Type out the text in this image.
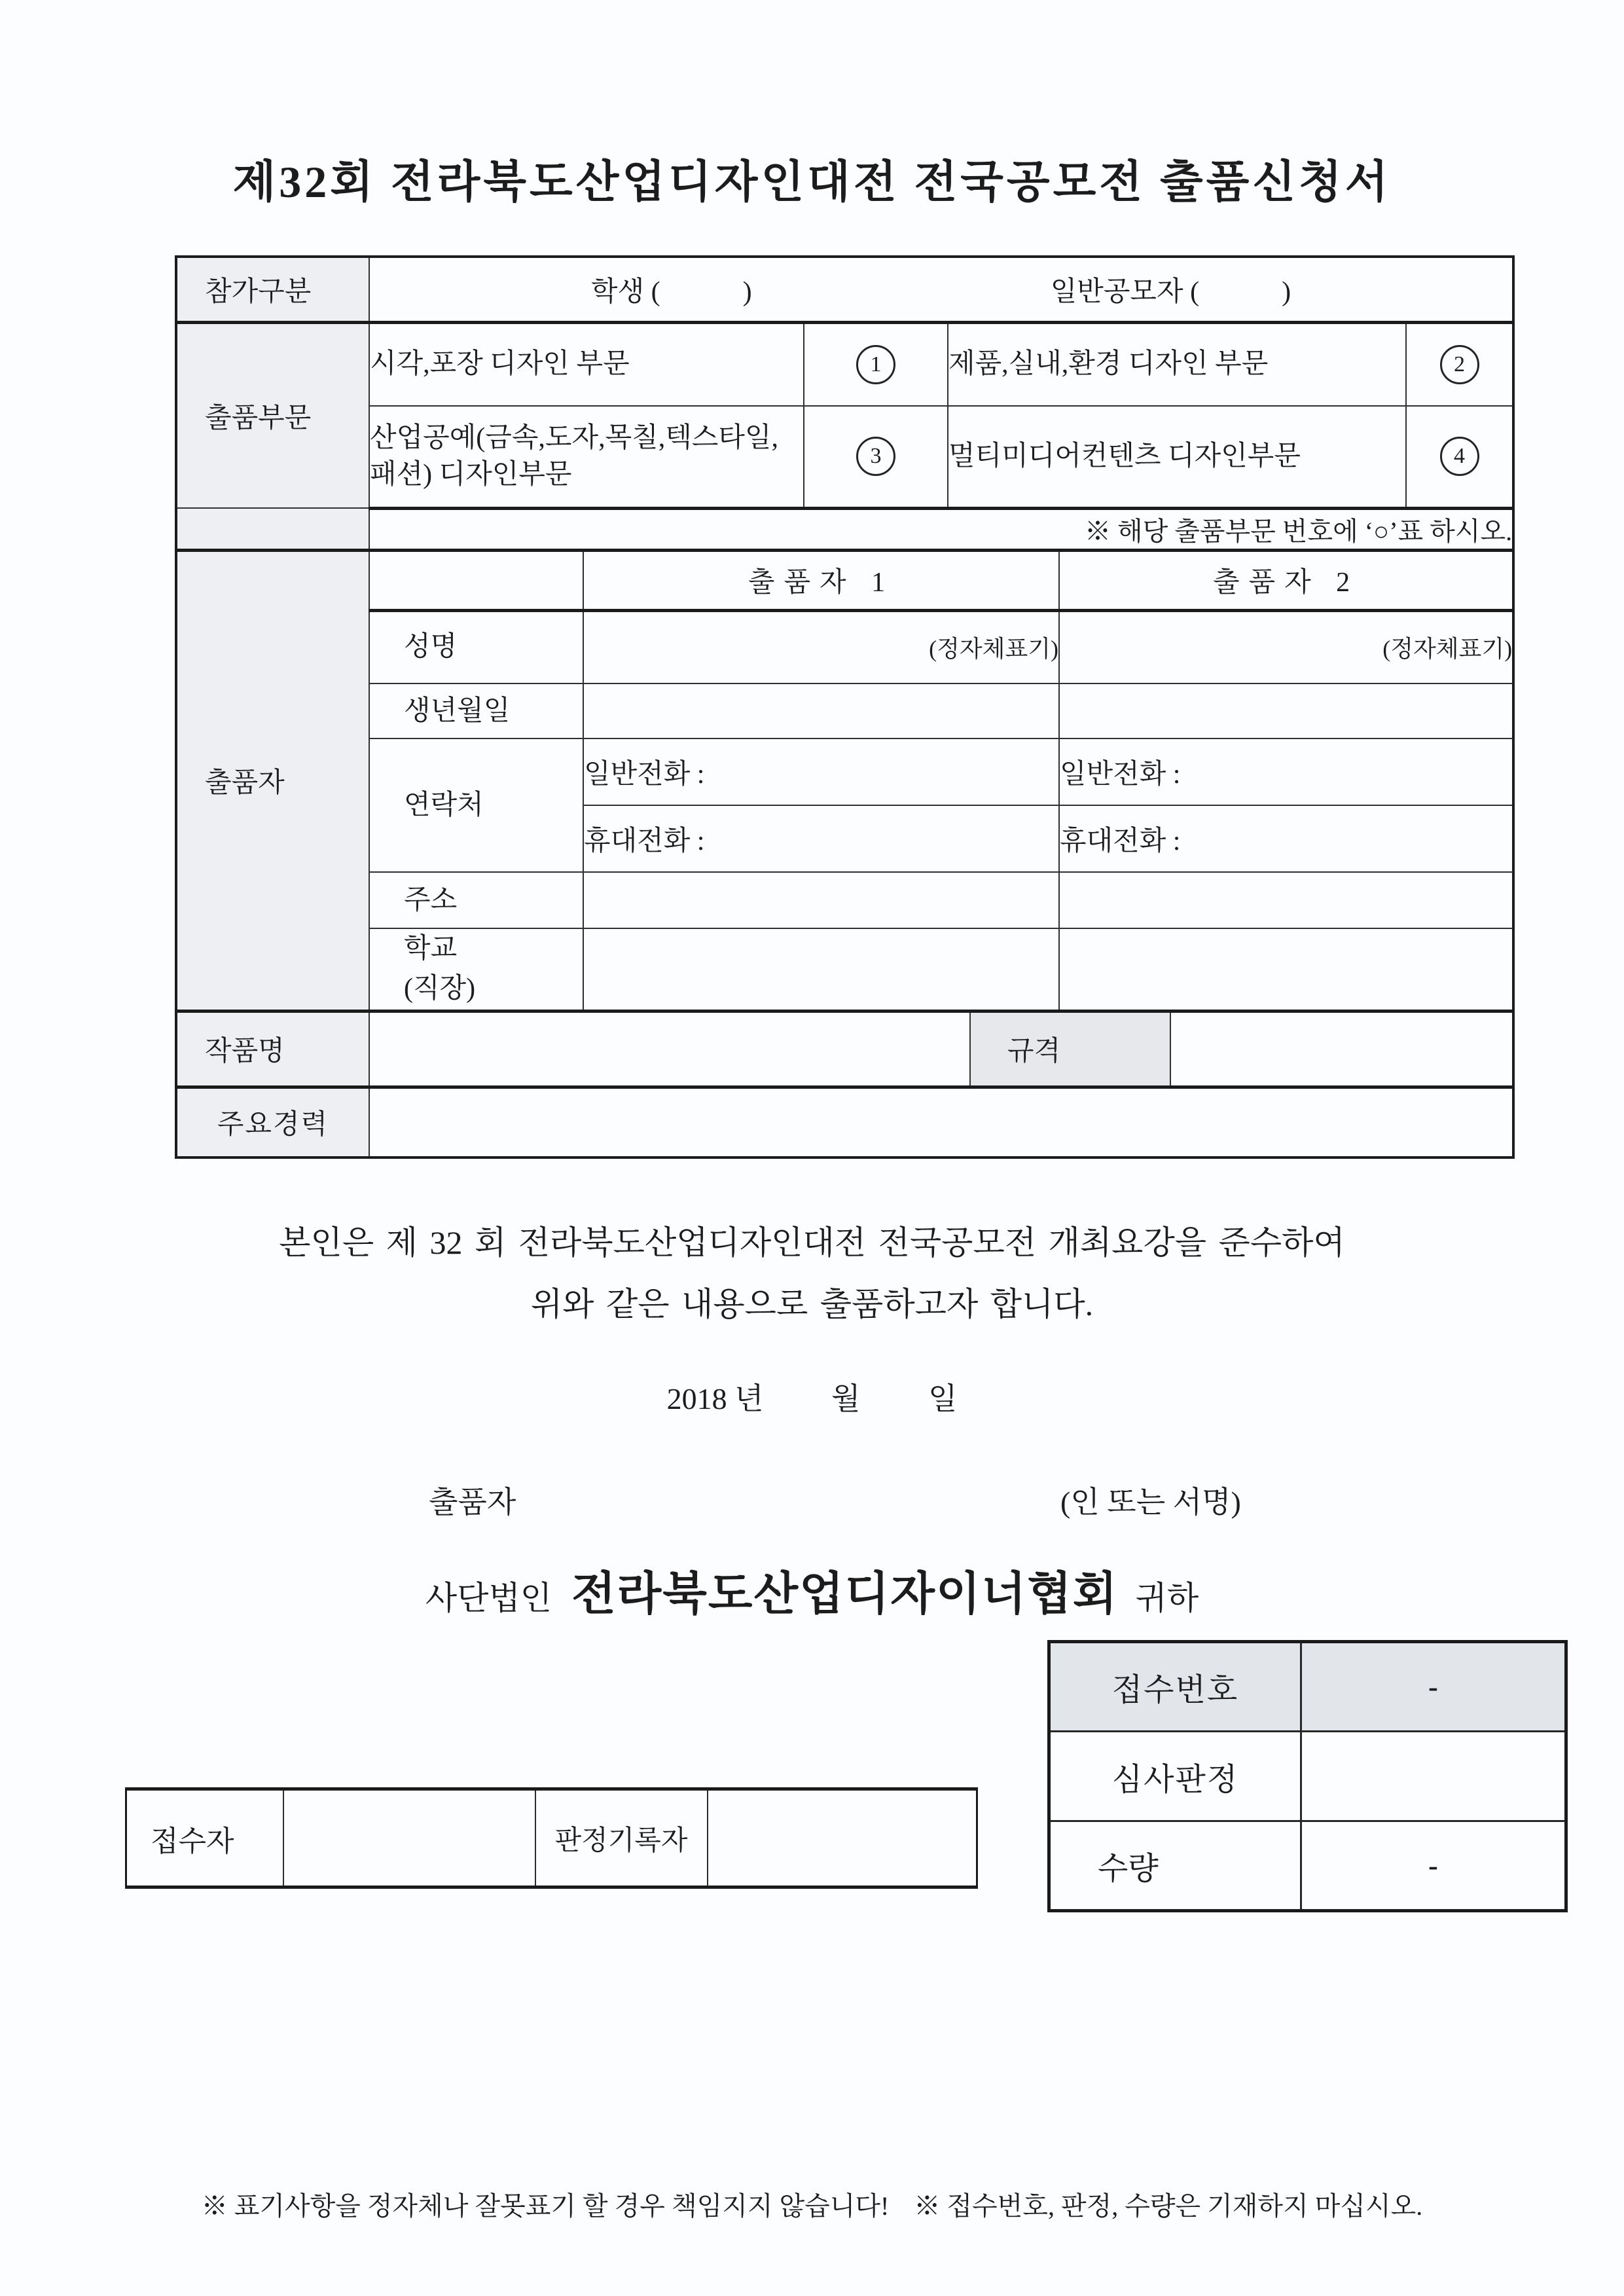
제32회 전라북도산업디자인대전 전국공모전 출품신청서
참가구분	학생 (            ) 일반공모자 (            )							

출품부문	시각,포장 디자인 부문		1	제품,실내,환경 디자인 부문				2
	산업공예(금속,도자,목칠,텍스타일, 패션) 디자인부문		3	멀티미디어컨텐츠 디자인부문				4
	※ 해당 출품부문 번호에 ‘○’표 하시오.							

출품자		출품자 1				출품자 2		

	성명	(정자체표기)				(정자체표기)		

	생년월일							

	연락처	일반전화 :				일반전화 :		
		휴대전화 :				휴대전화 :		

	주소							

	학교
(직장)							

작품명					규격			

주요경력								
본인은 제 32 회 전라북도산업디자인대전 전국공모전 개최요강을 준수하여
위와 같은 내용으로 출품하고자 합니다.
2018 년         월         일
출품자	(인 또는 서명)
사단법인 전라북도산업디자이너협회 귀하
접수번호	-
심사판정	

수량	-
접수자		판정기록자	
※ 표기사항을 정자체나 잘못표기 할 경우 책임지지 않습니다! ※ 접수번호, 판정, 수량은 기재하지 마십시오.
